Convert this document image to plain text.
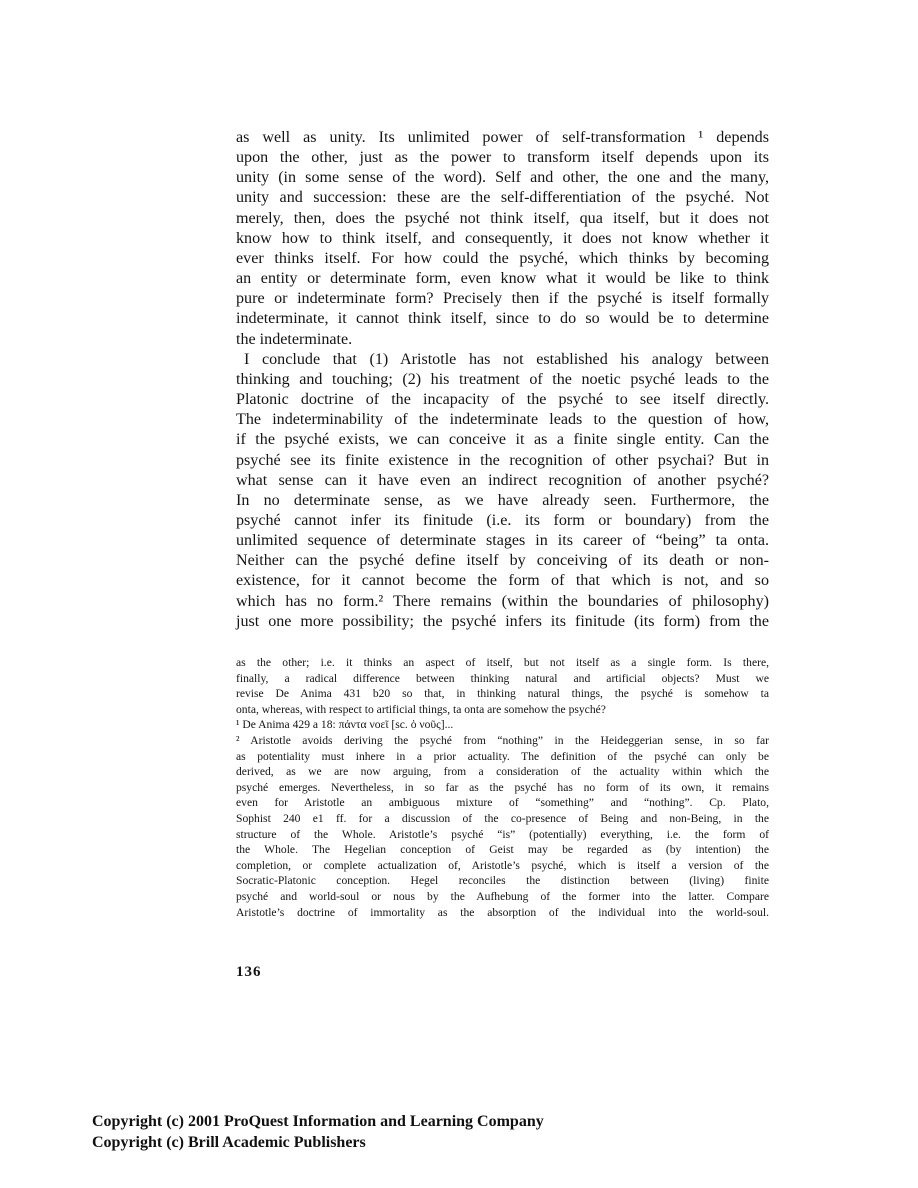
as well as unity. Its unlimited power of self-transformation ¹ depends
upon the other, just as the power to transform itself depends upon its
unity (in some sense of the word). Self and other, the one and the many,
unity and succession: these are the self-differentiation of the psyché. Not
merely, then, does the psyché not think itself, qua itself, but it does not
know how to think itself, and consequently, it does not know whether it
ever thinks itself. For how could the psyché, which thinks by becoming
an entity or determinate form, even know what it would be like to think
pure or indeterminate form? Precisely then if the psyché is itself formally
indeterminate, it cannot think itself, since to do so would be to determine
the indeterminate.
I conclude that (1) Aristotle has not established his analogy between
thinking and touching; (2) his treatment of the noetic psyché leads to the
Platonic doctrine of the incapacity of the psyché to see itself directly.
The indeterminability of the indeterminate leads to the question of how,
if the psyché exists, we can conceive it as a finite single entity. Can the
psyché see its finite existence in the recognition of other psychai? But in
what sense can it have even an indirect recognition of another psyché?
In no determinate sense, as we have already seen. Furthermore, the
psyché cannot infer its finitude (i.e. its form or boundary) from the
unlimited sequence of determinate stages in its career of “being” ta onta.
Neither can the psyché define itself by conceiving of its death or non-
existence, for it cannot become the form of that which is not, and so
which has no form.² There remains (within the boundaries of philosophy)
just one more possibility; the psyché infers its finitude (its form) from the
as the other; i.e. it thinks an aspect of itself, but not itself as a single form. Is there,
finally, a radical difference between thinking natural and artificial objects? Must we
revise De Anima 431 b20 so that, in thinking natural things, the psyché is somehow ta
onta, whereas, with respect to artificial things, ta onta are somehow the psyché?
¹ De Anima 429 a 18: πάντα νοεῖ [sc. ὁ νοῦς]...
² Aristotle avoids deriving the psyché from “nothing” in the Heideggerian sense, in so far
as potentiality must inhere in a prior actuality. The definition of the psyché can only be
derived, as we are now arguing, from a consideration of the actuality within which the
psyché emerges. Nevertheless, in so far as the psyché has no form of its own, it remains
even for Aristotle an ambiguous mixture of “something” and “nothing”. Cp. Plato,
Sophist 240 e1 ff. for a discussion of the co-presence of Being and non-Being, in the
structure of the Whole. Aristotle’s psyché “is” (potentially) everything, i.e. the form of
the Whole. The Hegelian conception of Geist may be regarded as (by intention) the
completion, or complete actualization of, Aristotle’s psyché, which is itself a version of the
Socratic-Platonic conception. Hegel reconciles the distinction between (living) finite
psyché and world-soul or nous by the Aufhebung of the former into the latter. Compare
Aristotle’s doctrine of immortality as the absorption of the individual into the world-soul.
136
Copyright (c) 2001 ProQuest Information and Learning Company
Copyright (c) Brill Academic Publishers
